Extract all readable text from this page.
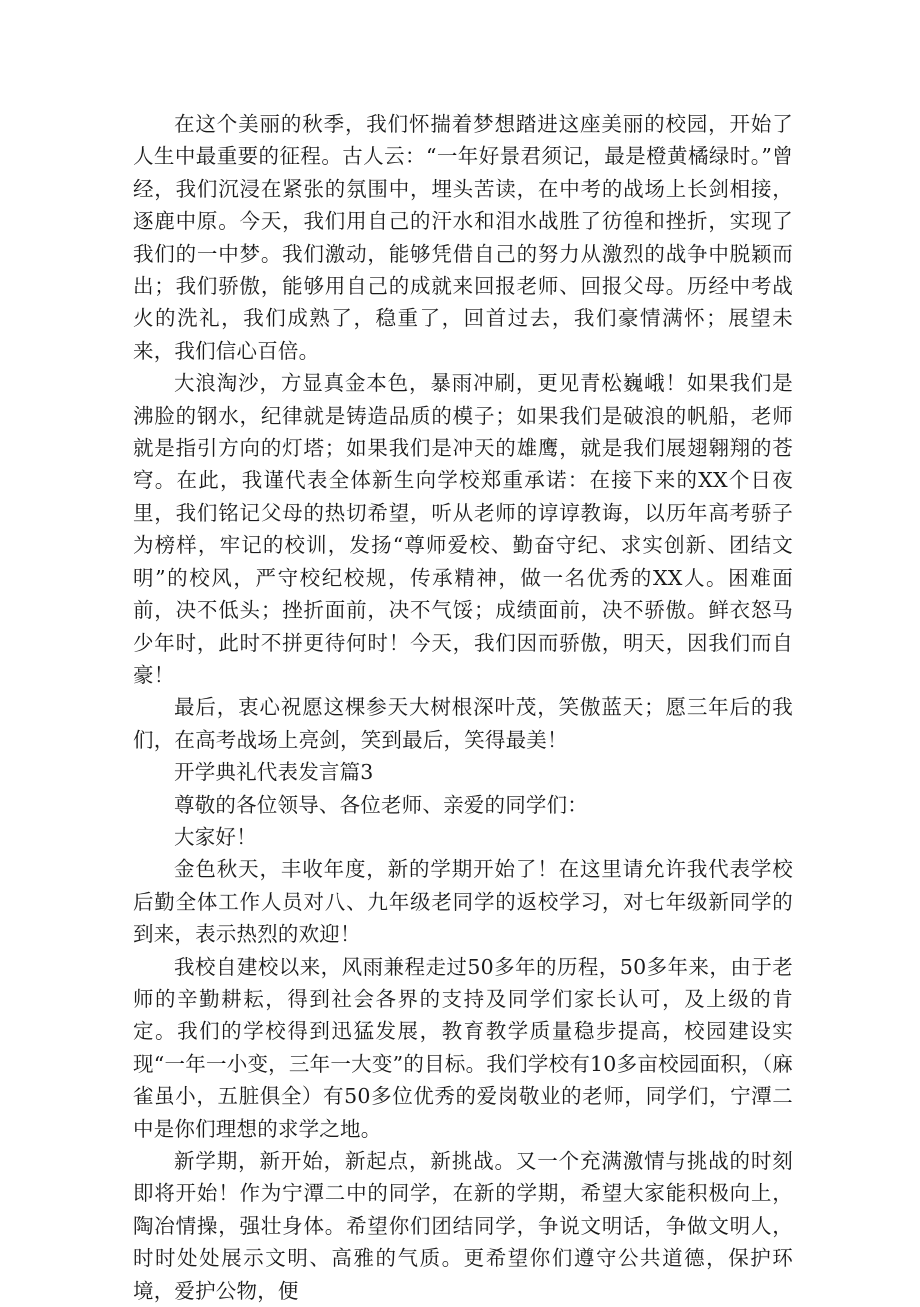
在这个美丽的秋季，我们怀揣着梦想踏进这座美丽的校园，开始了人生中最重要的征程。古人云：“一年好景君须记，最是橙黄橘绿时。”曾经，我们沉浸在紧张的氛围中，埋头苦读，在中考的战场上长剑相接，逐鹿中原。今天，我们用自己的汗水和泪水战胜了彷徨和挫折，实现了我们的一中梦。我们激动，能够凭借自己的努力从激烈的战争中脱颖而出；我们骄傲，能够用自己的成就来回报老师、回报父母。历经中考战火的洗礼，我们成熟了，稳重了，回首过去，我们豪情满怀；展望未来，我们信心百倍。

大浪淘沙，方显真金本色，暴雨冲刷，更见青松巍峨！如果我们是沸脸的钢水，纪律就是铸造品质的模子；如果我们是破浪的帆船，老师就是指引方向的灯塔；如果我们是冲天的雄鹰，就是我们展翅翱翔的苍穹。在此，我谨代表全体新生向学校郑重承诺：在接下来的XX个日夜里，我们铭记父母的热切希望，听从老师的谆谆教诲，以历年高考骄子为榜样，牢记的校训，发扬“尊师爱校、勤奋守纪、求实创新、团结文明”的校风，严守校纪校规，传承精神，做一名优秀的XX人。困难面前，决不低头；挫折面前，决不气馁；成绩面前，决不骄傲。鲜衣怒马少年时，此时不拼更待何时！今天，我们因而骄傲，明天，因我们而自豪！

最后，衷心祝愿这棵参天大树根深叶茂，笑傲蓝天；愿三年后的我们，在高考战场上亮剑，笑到最后，笑得最美！

开学典礼代表发言篇3

尊敬的各位领导、各位老师、亲爱的同学们：

大家好！

金色秋天，丰收年度，新的学期开始了！在这里请允许我代表学校后勤全体工作人员对八、九年级老同学的返校学习，对七年级新同学的到来，表示热烈的欢迎！

我校自建校以来，风雨兼程走过50多年的历程，50多年来，由于老师的辛勤耕耘，得到社会各界的支持及同学们家长认可，及上级的肯定。我们的学校得到迅猛发展，教育教学质量稳步提高，校园建设实现“一年一小变，三年一大变”的目标。我们学校有10多亩校园面积，（麻雀虽小，五脏俱全）有50多位优秀的爱岗敬业的老师，同学们，宁潭二中是你们理想的求学之地。

新学期，新开始，新起点，新挑战。又一个充满激情与挑战的时刻即将开始！作为宁潭二中的同学，在新的学期，希望大家能积极向上，陶冶情操，强壮身体。希望你们团结同学，争说文明话，争做文明人，时时处处展示文明、高雅的气质。更希望你们遵守公共道德，保护环境，爱护公物，便
